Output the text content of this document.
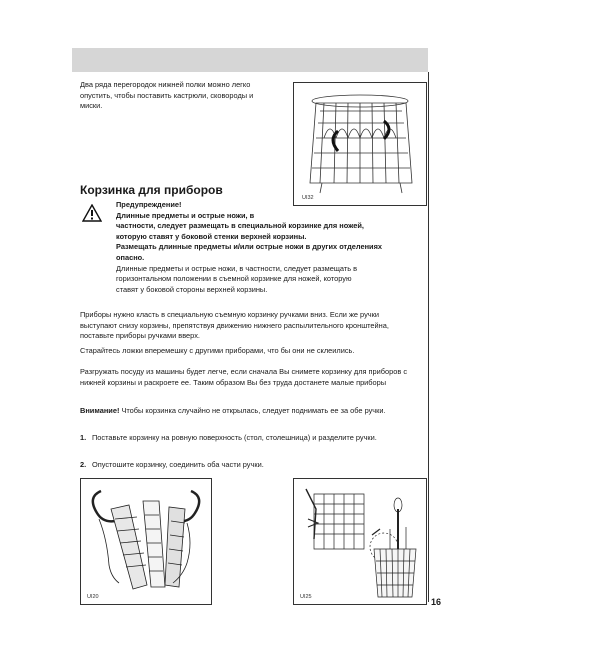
Два ряда перегородок нижней полки можно легко опустить, чтобы поставить кастрюли, сковороды и миски.

UI32
Корзинка для приборов
Предупреждение!
Длинные предметы и острые ножи, в
частности, следует размещать в специальной корзинке для ножей,
которую ставят у боковой стенки верхней корзины.
Размещать длинные предметы и/или острые ножи в других отделениях
опасно.
Длинные предметы и острые ножи, в частности, следует размещать в
горизонтальном положении в съемной корзинке для ножей, которую
ставят у боковой стороны верхней корзины.

Приборы нужно класть в специальную съемную корзинку ручками вниз. Если же ручки выступают снизу корзины, препятствуя движению нижнего распылительного кронштейна, поставьте приборы ручками вверх.

Старайтесь ложки вперемешку с другими приборами, что бы они не склеились.

Разгружать посуду из машины будет легче, если сначала Вы снимете корзинку для приборов с нижней корзины и раскроете ее. Таким образом Вы без труда достанете малые приборы

Внимание! Чтобы корзинка случайно не открылась, следует поднимать ее за обе ручки.

1. Поставьте корзинку на ровную поверхность (стол, столешница) и разделите ручки.

2. Опустошите корзинку, соединить оба части ручки.

UI20	UI25	16
